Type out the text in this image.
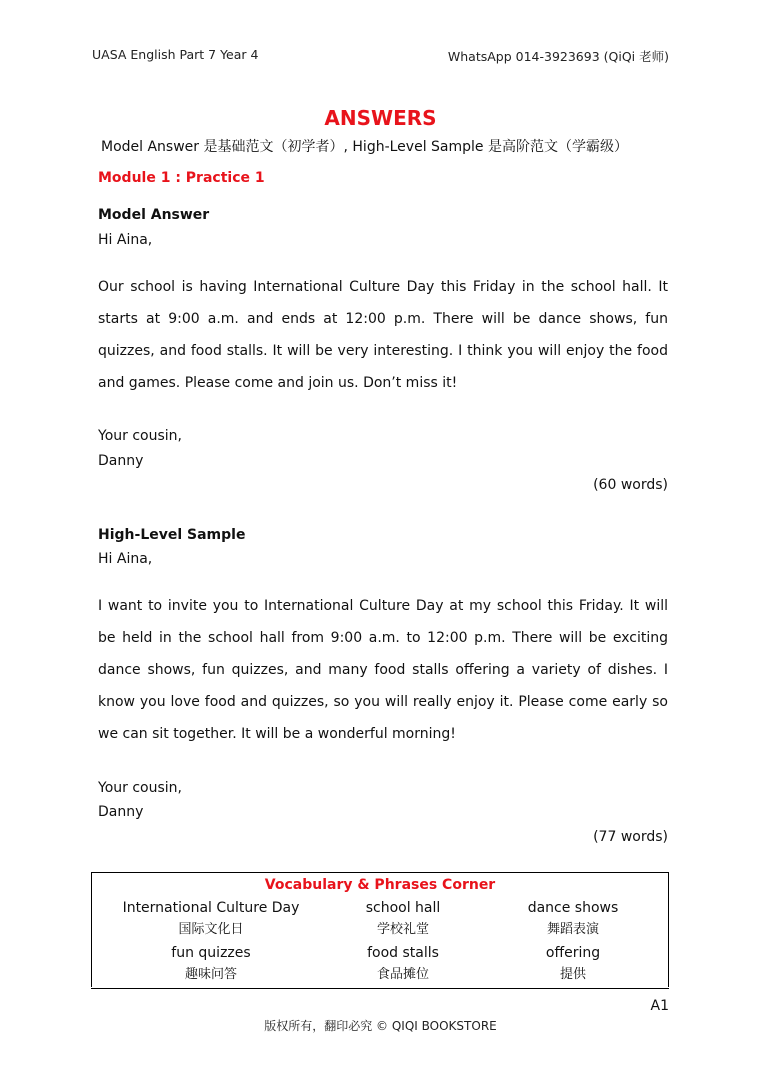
UASA English Part 7 Year 4	WhatsApp 014-3923693 (QiQi 老师)
ANSWERS
Model Answer 是基础范文（初学者）, High-Level Sample 是高阶范文（学霸级）
Module 1 : Practice 1
Model Answer
Hi Aina,
Our school is having International Culture Day this Friday in the school hall. It starts at 9:00 a.m. and ends at 12:00 p.m. There will be dance shows, fun quizzes, and food stalls. It will be very interesting. I think you will enjoy the food and games. Please come and join us. Don’t miss it!
Your cousin,
Danny
(60 words)
High-Level Sample
Hi Aina,
I want to invite you to International Culture Day at my school this Friday. It will be held in the school hall from 9:00 a.m. to 12:00 p.m. There will be exciting dance shows, fun quizzes, and many food stalls offering a variety of dishes. I know you love food and quizzes, so you will really enjoy it. Please come early so we can sit together. It will be a wonderful morning!
Your cousin,
Danny
(77 words)
Vocabulary & Phrases Corner
International Culture Day
国际文化日
school hall
学校礼堂
dance shows
舞蹈表演
fun quizzes
趣味问答
food stalls
食品摊位
offering
提供
A1
版权所有，翻印必究 © QIQI BOOKSTORE
